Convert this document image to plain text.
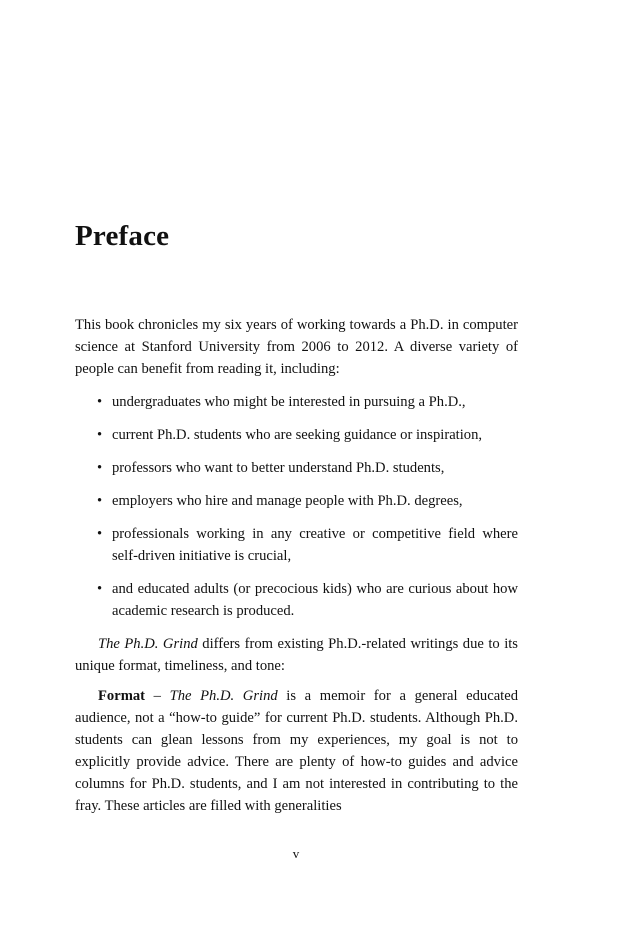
Preface

This book chronicles my six years of working towards a Ph.D. in computer science at Stanford University from 2006 to 2012. A diverse variety of people can benefit from reading it, including:

• undergraduates who might be interested in pursuing a Ph.D.,
• current Ph.D. students who are seeking guidance or inspiration,
• professors who want to better understand Ph.D. students,
• employers who hire and manage people with Ph.D. degrees,
• professionals working in any creative or competitive field where self-driven initiative is crucial,
• and educated adults (or precocious kids) who are curious about how academic research is produced.

The Ph.D. Grind differs from existing Ph.D.-related writings due to its unique format, timeliness, and tone:

Format – The Ph.D. Grind is a memoir for a general educated audience, not a “how-to guide” for current Ph.D. students. Although Ph.D. students can glean lessons from my experiences, my goal is not to explicitly provide advice. There are plenty of how-to guides and advice columns for Ph.D. students, and I am not interested in contributing to the fray. These articles are filled with generalities

v
